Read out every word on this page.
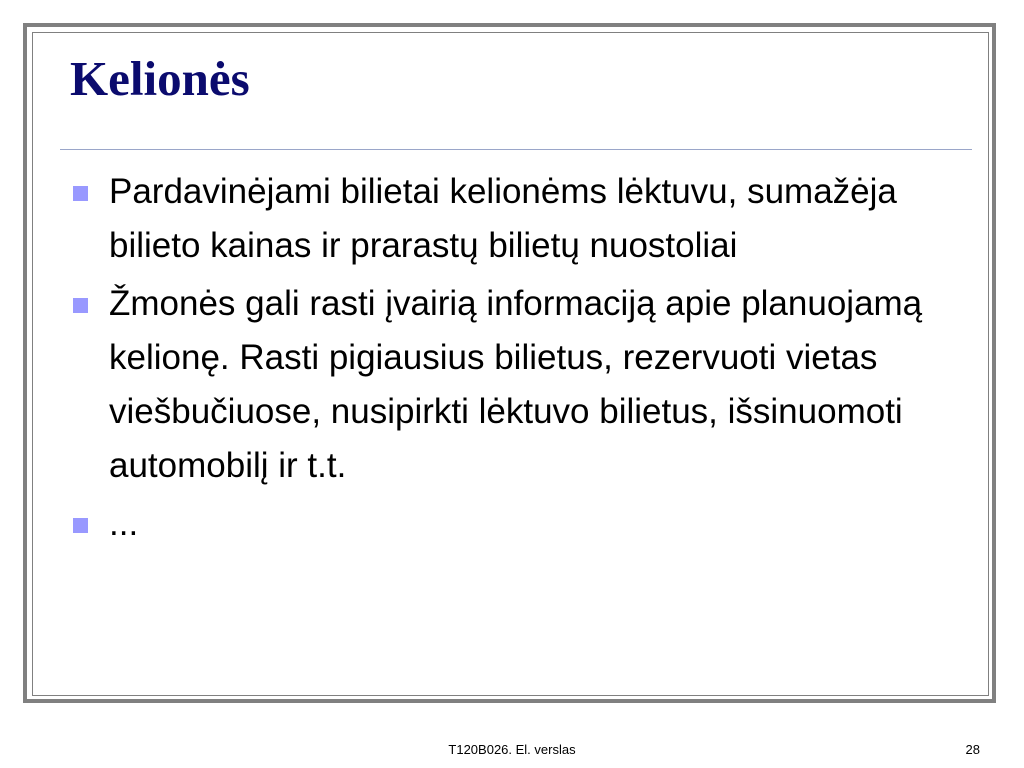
Kelionės
Pardavinėjami bilietai kelionėms lėktuvu, sumažėja bilieto kainas ir prarastų bilietų nuostoliai
Žmonės gali rasti įvairią informaciją apie planuojamą kelionę. Rasti pigiausius bilietus, rezervuoti vietas viešbučiuose, nusipirkti lėktuvo bilietus, išsinuomoti automobilį ir t.t.
...
T120B026. El. verslas	28
